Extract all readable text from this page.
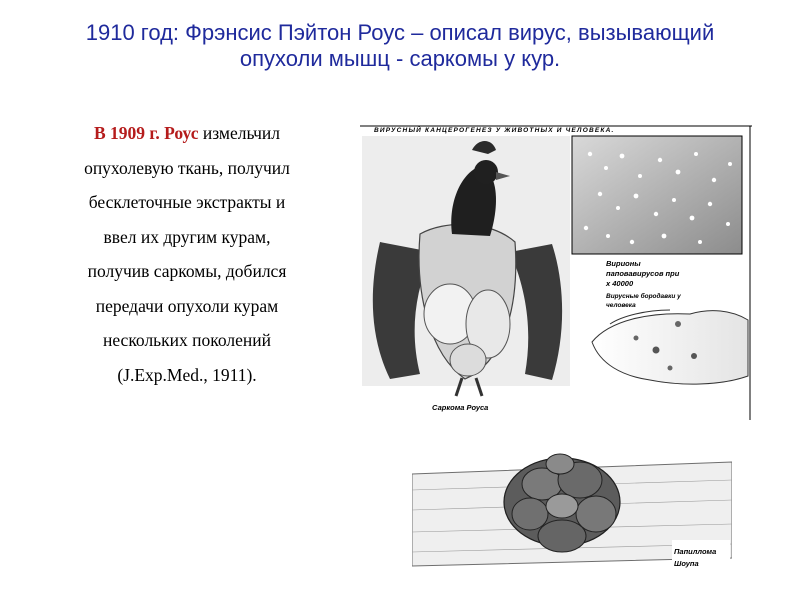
1910 год: Фрэнсис Пэйтон Роус – описал вирус, вызывающий
опухоли мышц - саркомы у кур.
В 1909 г. Роус измельчил
опухолевую ткань, получил
бесклеточные экстракты и
ввел их другим курам,
получив саркомы, добился
передачи опухоли курам
нескольких поколений
(J.Exp.Med., 1911).
ВИРУСНЫЙ КАНЦЕРОГЕНЕЗ У ЖИВОТНЫХ И ЧЕЛОВЕКА.
Саркома Роуса
Вирионы
паповавирусов при
х 40000
Вирусные бородавки у
человека
Папиллома
Шоупа
